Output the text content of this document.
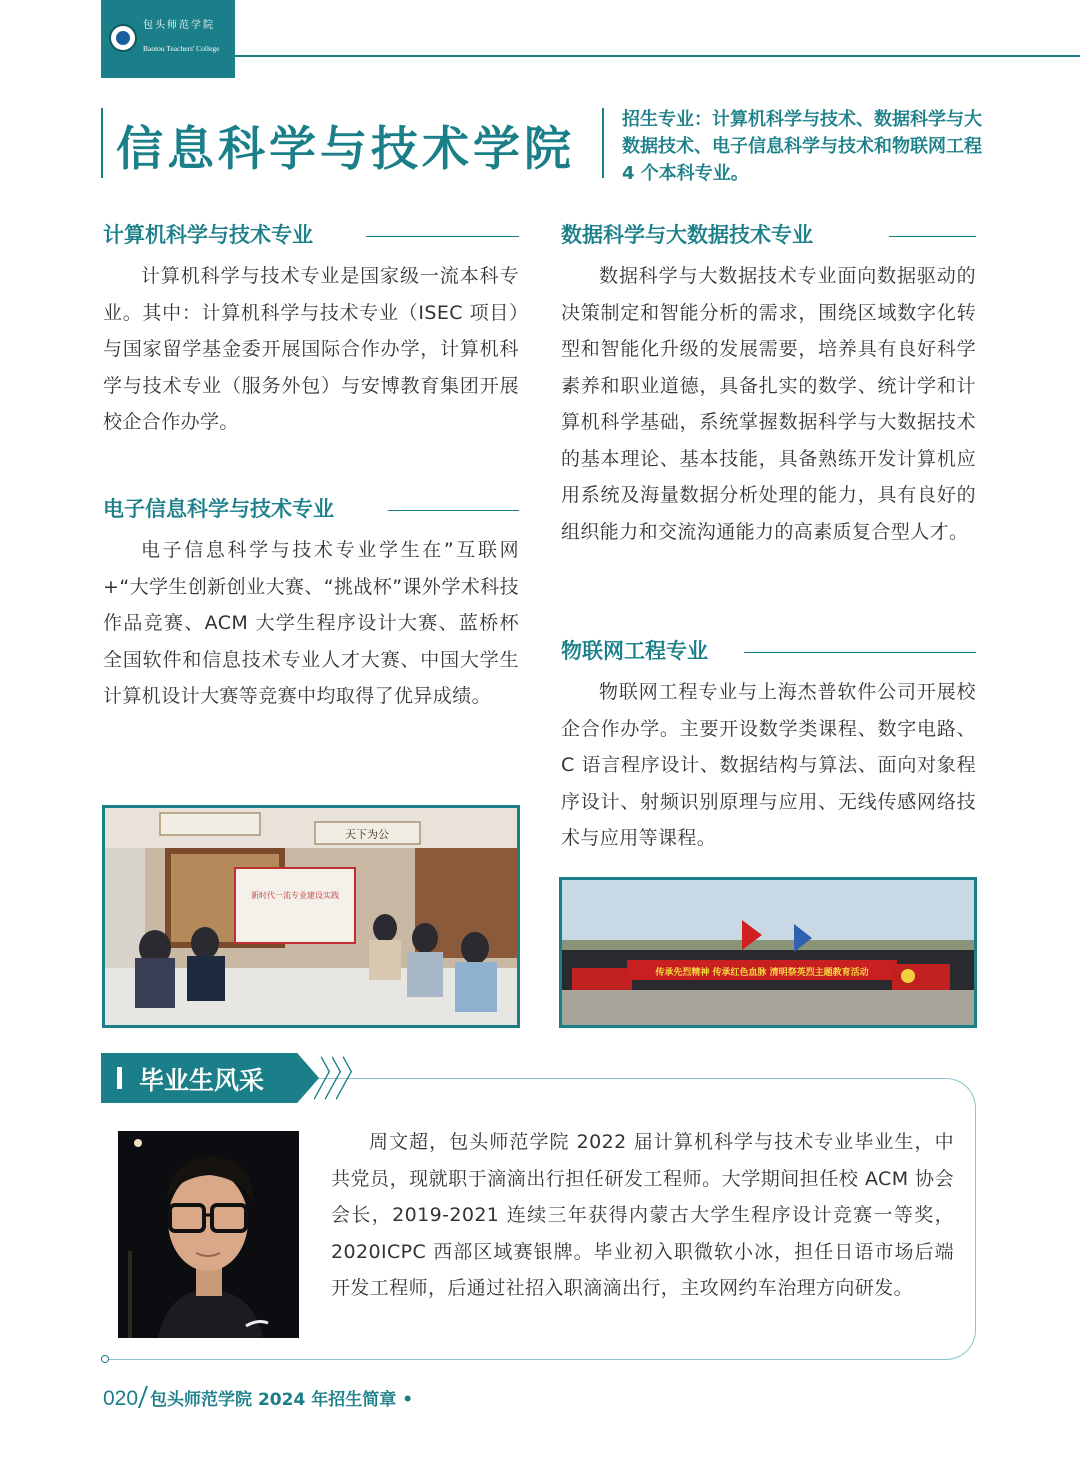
包头师范学院
Baotou Teachers' College
信息科学与技术学院
招生专业：计算机科学与技术、数据科学与大数据技术、电子信息科学与技术和物联网工程 4 个本科专业。
计算机科学与技术专业

计算机科学与技术专业是国家级一流本科专业。其中：计算机科学与技术专业（ISEC 项目）与国家留学基金委开展国际合作办学，计算机科学与技术专业（服务外包）与安博教育集团开展校企合作办学。

电子信息科学与技术专业

电子信息科学与技术专业学生在”互联网 +“大学生创新创业大赛、“挑战杯”课外学术科技作品竞赛、ACM 大学生程序设计大赛、蓝桥杯全国软件和信息技术专业人才大赛、中国大学生计算机设计大赛等竞赛中均取得了优异成绩。

数据科学与大数据技术专业

数据科学与大数据技术专业面向数据驱动的决策制定和智能分析的需求，围绕区域数字化转型和智能化升级的发展需要，培养具有良好科学素养和职业道德，具备扎实的数学、统计学和计算机科学基础，系统掌握数据科学与大数据技术的基本理论、基本技能，具备熟练开发计算机应用系统及海量数据分析处理的能力，具有良好的组织能力和交流沟通能力的高素质复合型人才。

物联网工程专业

物联网工程专业与上海杰普软件公司开展校企合作办学。主要开设数学类课程、数字电路、C 语言程序设计、数据结构与算法、面向对象程序设计、射频识别原理与应用、无线传感网络技术与应用等课程。

天下为公
新时代一流专业建设实践
传承先烈精神 传承红色血脉 清明祭英烈主题教育活动
毕业生风采

周文超，包头师范学院 2022 届计算机科学与技术专业毕业生，中共党员，现就职于滴滴出行担任研发工程师。大学期间担任校 ACM 协会会长，2019-2021 连续三年获得内蒙古大学生程序设计竞赛一等奖，2020ICPC 西部区域赛银牌。毕业初入职微软小冰，担任日语市场后端开发工程师，后通过社招入职滴滴出行，主攻网约车治理方向研发。

020 包头师范学院 2024 年招生简章 •
